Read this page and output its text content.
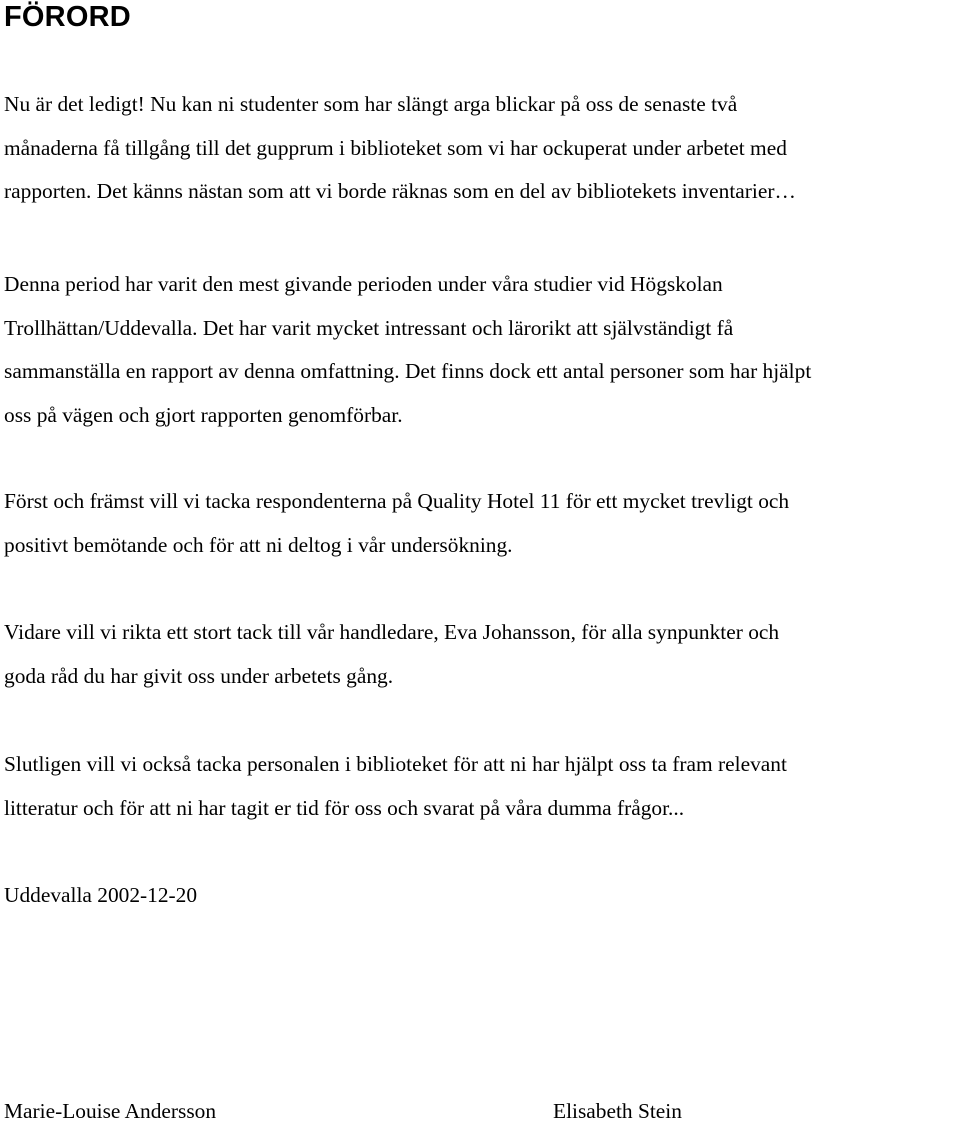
FÖRORD

Nu är det ledigt! Nu kan ni studenter som har slängt arga blickar på oss de senaste två
månaderna få tillgång till det gupprum i biblioteket som vi har ockuperat under arbetet med
rapporten. Det känns nästan som att vi borde räknas som en del av bibliotekets inventarier…

Denna period har varit den mest givande perioden under våra studier vid Högskolan
Trollhättan/Uddevalla. Det har varit mycket intressant och lärorikt att självständigt få
sammanställa en rapport av denna omfattning. Det finns dock ett antal personer som har hjälpt
oss på vägen och gjort rapporten genomförbar.

Först och främst vill vi tacka respondenterna på Quality Hotel 11 för ett mycket trevligt och
positivt bemötande och för att ni deltog i vår undersökning.

Vidare vill vi rikta ett stort tack till vår handledare, Eva Johansson, för alla synpunkter och
goda råd du har givit oss under arbetets gång.

Slutligen vill vi också tacka personalen i biblioteket för att ni har hjälpt oss ta fram relevant
litteratur och för att ni har tagit er tid för oss och svarat på våra dumma frågor...

Uddevalla 2002-12-20

Marie-Louise Andersson	Elisabeth Stein
